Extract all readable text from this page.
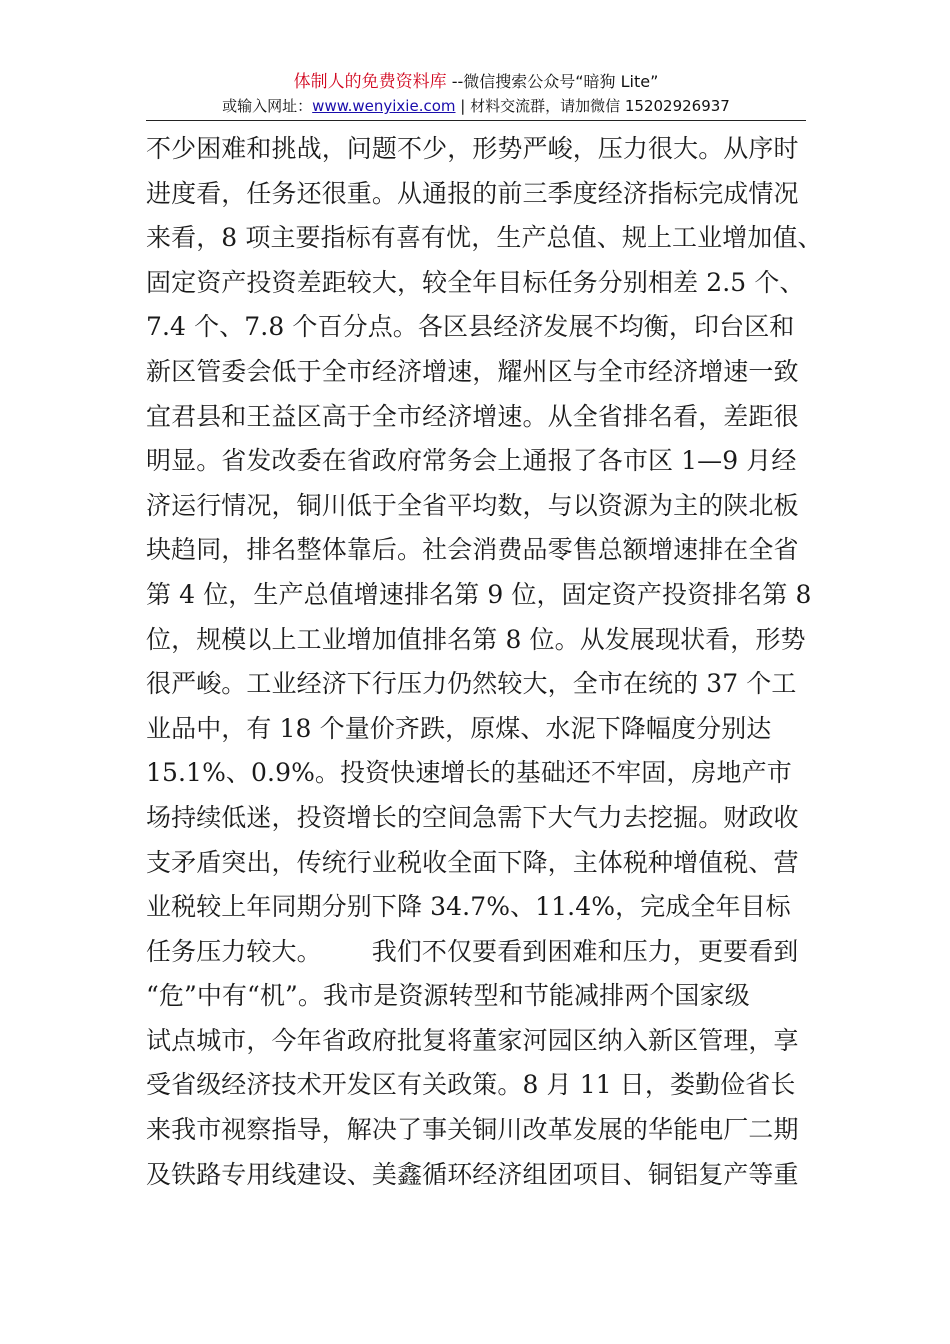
体制人的免费资料库 --微信搜索公众号“暗狗 Lite”
或输入网址：www.wenyixie.com | 材料交流群，请加微信 15202926937
不少困难和挑战，问题不少，形势严峻，压力很大。从序时
进度看，任务还很重。从通报的前三季度经济指标完成情况
来看，8 项主要指标有喜有忧，生产总值、规上工业增加值、
固定资产投资差距较大，较全年目标任务分别相差 2.5 个、
7.4 个、7.8 个百分点。各区县经济发展不均衡，印台区和
新区管委会低于全市经济增速，耀州区与全市经济增速一致
宜君县和王益区高于全市经济增速。从全省排名看，差距很
明显。省发改委在省政府常务会上通报了各市区 1—9 月经
济运行情况，铜川低于全省平均数，与以资源为主的陕北板
块趋同，排名整体靠后。社会消费品零售总额增速排在全省
第 4 位，生产总值增速排名第 9 位，固定资产投资排名第 8
位，规模以上工业增加值排名第 8 位。从发展现状看，形势
很严峻。工业经济下行压力仍然较大，全市在统的 37 个工
业品中，有 18 个量价齐跌，原煤、水泥下降幅度分别达
15.1%、0.9%。投资快速增长的基础还不牢固，房地产市
场持续低迷，投资增长的空间急需下大气力去挖掘。财政收
支矛盾突出，传统行业税收全面下降，主体税种增值税、营
业税较上年同期分别下降 34.7%、11.4%，完成全年目标
任务压力较大。 我们不仅要看到困难和压力，更要看到
“危”中有“机”。我市是资源转型和节能减排两个国家级
试点城市，今年省政府批复将董家河园区纳入新区管理，享
受省级经济技术开发区有关政策。8 月 11 日，娄勤俭省长
来我市视察指导，解决了事关铜川改革发展的华能电厂二期
及铁路专用线建设、美鑫循环经济组团项目、铜铝复产等重
